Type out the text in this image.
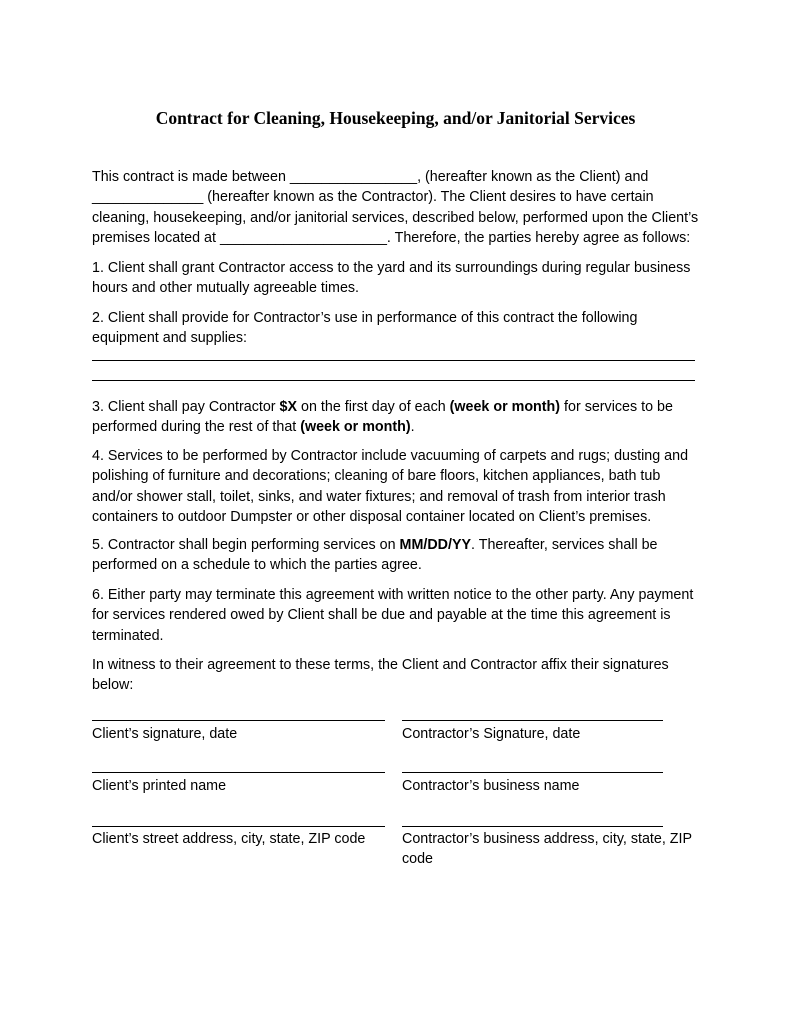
Contract for Cleaning, Housekeeping, and/or Janitorial Services
This contract is made between ________________, (hereafter known as the Client) and
______________ (hereafter known as the Contractor). The Client desires to have certain
cleaning, housekeeping, and/or janitorial services, described below, performed upon the Client’s
premises located at _____________________. Therefore, the parties hereby agree as follows:
1. Client shall grant Contractor access to the yard and its surroundings during regular business
hours and other mutually agreeable times.
2. Client shall provide for Contractor’s use in performance of this contract the following
equipment and supplies:
3. Client shall pay Contractor $X on the first day of each (week or month) for services to be
performed during the rest of that (week or month).
4. Services to be performed by Contractor include vacuuming of carpets and rugs; dusting and
polishing of furniture and decorations; cleaning of bare floors, kitchen appliances, bath tub
and/or shower stall, toilet, sinks, and water fixtures; and removal of trash from interior trash
containers to outdoor Dumpster or other disposal container located on Client’s premises.
5. Contractor shall begin performing services on MM/DD/YY. Thereafter, services shall be
performed on a schedule to which the parties agree.
6. Either party may terminate this agreement with written notice to the other party. Any payment
for services rendered owed by Client shall be due and payable at the time this agreement is
terminated.
In witness to their agreement to these terms, the Client and Contractor affix their signatures
below:
Client’s signature, date	Contractor’s Signature, date
Client’s printed name	Contractor’s business name
Client’s street address, city, state, ZIP code	Contractor’s business address, city, state, ZIP
code
